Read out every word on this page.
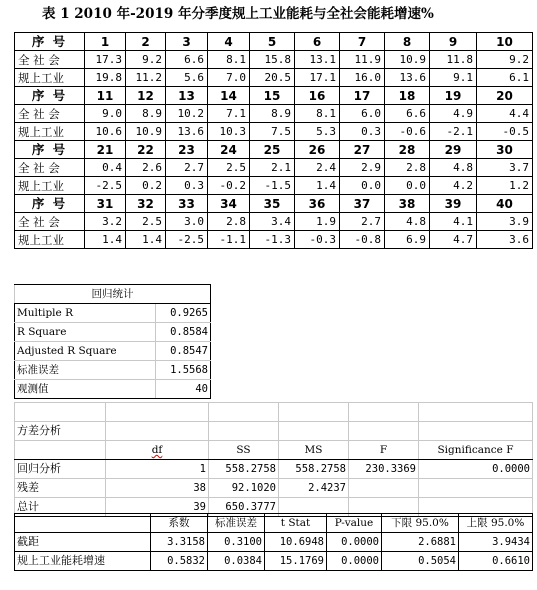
表 1 2010 年-2019 年分季度规上工业能耗与全社会能耗增速%
序 号	1	2	3	4	5	6	7	8	9	10
全 社 会	17.3	9.2	6.6	8.1	15.8	13.1	11.9	10.9	11.8	9.2
规上工业	19.8	11.2	5.6	7.0	20.5	17.1	16.0	13.6	9.1	6.1
序 号	11	12	13	14	15	16	17	18	19	20
全 社 会	9.0	8.9	10.2	7.1	8.9	8.1	6.0	6.6	4.9	4.4
规上工业	10.6	10.9	13.6	10.3	7.5	5.3	0.3	-0.6	-2.1	-0.5
序 号	21	22	23	24	25	26	27	28	29	30
全 社 会	0.4	2.6	2.7	2.5	2.1	2.4	2.9	2.8	4.8	3.7
规上工业	-2.5	0.2	0.3	-0.2	-1.5	1.4	0.0	0.0	4.2	1.2
序 号	31	32	33	34	35	36	37	38	39	40
全 社 会	3.2	2.5	3.0	2.8	3.4	1.9	2.7	4.8	4.1	3.9
规上工业	1.4	1.4	-2.5	-1.1	-1.3	-0.3	-0.8	6.9	4.7	3.6
回归统计	
Multiple R	0.9265
R Square	0.8584
Adjusted R Square	0.8547
标准误差	1.5568
观测值	40

方差分析					
	df	SS	MS	F	Significance F
回归分析	1	558.2758	558.2758	230.3369	0.0000
残差	38	92.1020	2.4237		
总计	39	650.3777			
	系数	标准误差	t Stat	P-value	下限 95.0%	上限 95.0%
截距	3.3158	0.3100	10.6948	0.0000	2.6881	3.9434
规上工业能耗增速	0.5832	0.0384	15.1769	0.0000	0.5054	0.6610
